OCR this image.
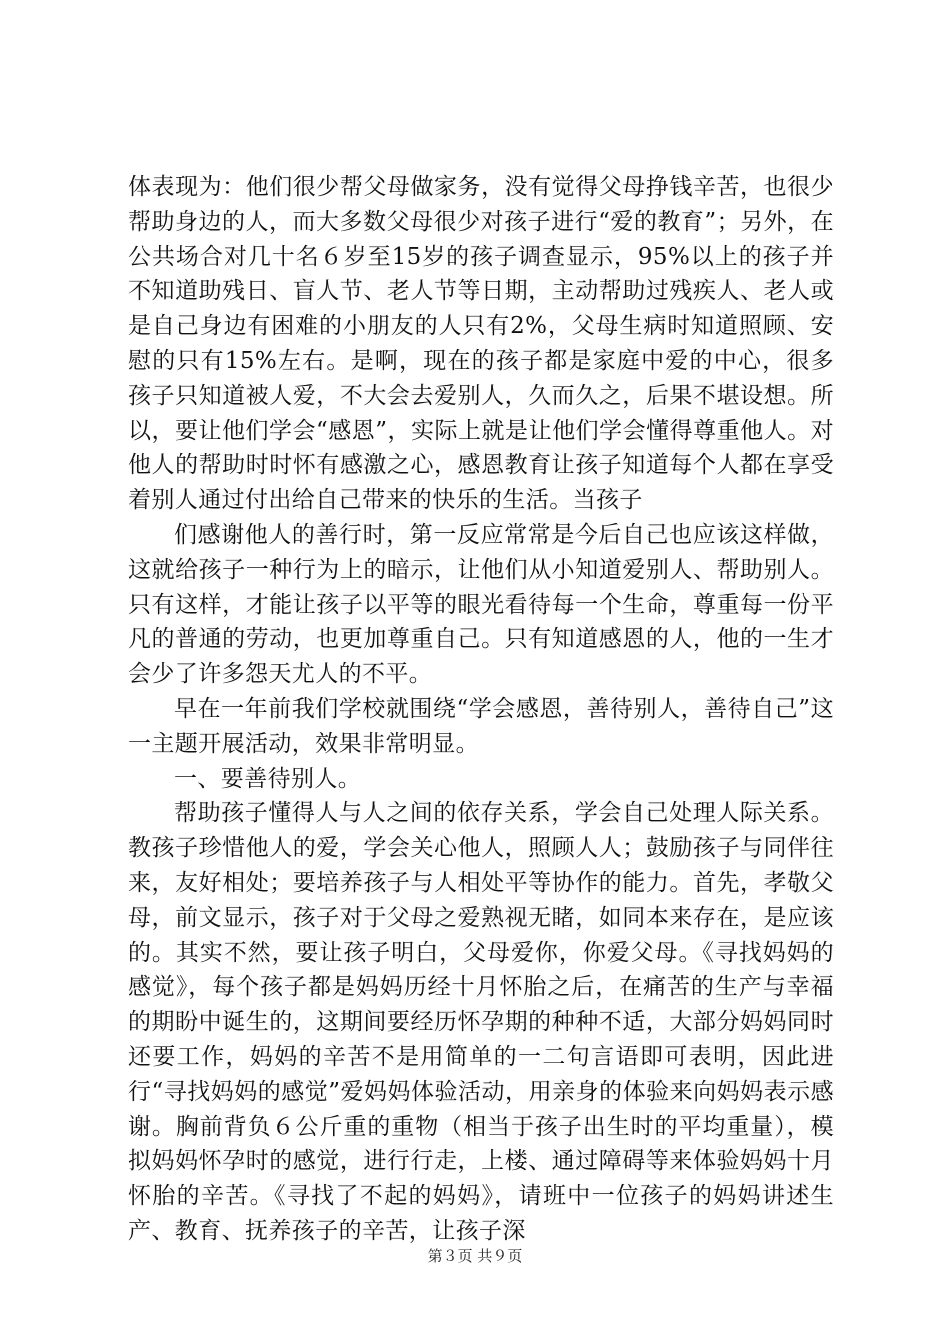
体表现为：他们很少帮父母做家务，没有觉得父母挣钱辛苦，也很少帮助身边的人，而大多数父母很少对孩子进行“爱的教育”；另外，在公共场合对几十名６岁至15岁的孩子调查显示，95%以上的孩子并不知道助残日、盲人节、老人节等日期，主动帮助过残疾人、老人或是自己身边有困难的小朋友的人只有2%，父母生病时知道照顾、安慰的只有15%左右。是啊，现在的孩子都是家庭中爱的中心，很多孩子只知道被人爱，不大会去爱别人，久而久之，后果不堪设想。所以，要让他们学会“感恩”，实际上就是让他们学会懂得尊重他人。对他人的帮助时时怀有感激之心，感恩教育让孩子知道每个人都在享受着别人通过付出给自己带来的快乐的生活。当孩子

们感谢他人的善行时，第一反应常常是今后自己也应该这样做，这就给孩子一种行为上的暗示，让他们从小知道爱别人、帮助别人。只有这样，才能让孩子以平等的眼光看待每一个生命，尊重每一份平凡的普通的劳动，也更加尊重自己。只有知道感恩的人，他的一生才会少了许多怨天尤人的不平。

早在一年前我们学校就围绕“学会感恩，善待别人，善待自己”这一主题开展活动，效果非常明显。

一、要善待别人。

帮助孩子懂得人与人之间的依存关系，学会自己处理人际关系。教孩子珍惜他人的爱，学会关心他人，照顾人人；鼓励孩子与同伴往来，友好相处；要培养孩子与人相处平等协作的能力。首先，孝敬父母，前文显示，孩子对于父母之爱熟视无睹，如同本来存在，是应该的。其实不然，要让孩子明白，父母爱你，你爱父母。《寻找妈妈的感觉》，每个孩子都是妈妈历经十月怀胎之后，在痛苦的生产与幸福的期盼中诞生的，这期间要经历怀孕期的种种不适，大部分妈妈同时还要工作，妈妈的辛苦不是用简单的一二句言语即可表明，因此进行“寻找妈妈的感觉”爱妈妈体验活动，用亲身的体验来向妈妈表示感谢。胸前背负６公斤重的重物（相当于孩子出生时的平均重量），模拟妈妈怀孕时的感觉，进行行走，上楼、通过障碍等来体验妈妈十月怀胎的辛苦。《寻找了不起的妈妈》，请班中一位孩子的妈妈讲述生产、教育、抚养孩子的辛苦，让孩子深

第３页 共９页
